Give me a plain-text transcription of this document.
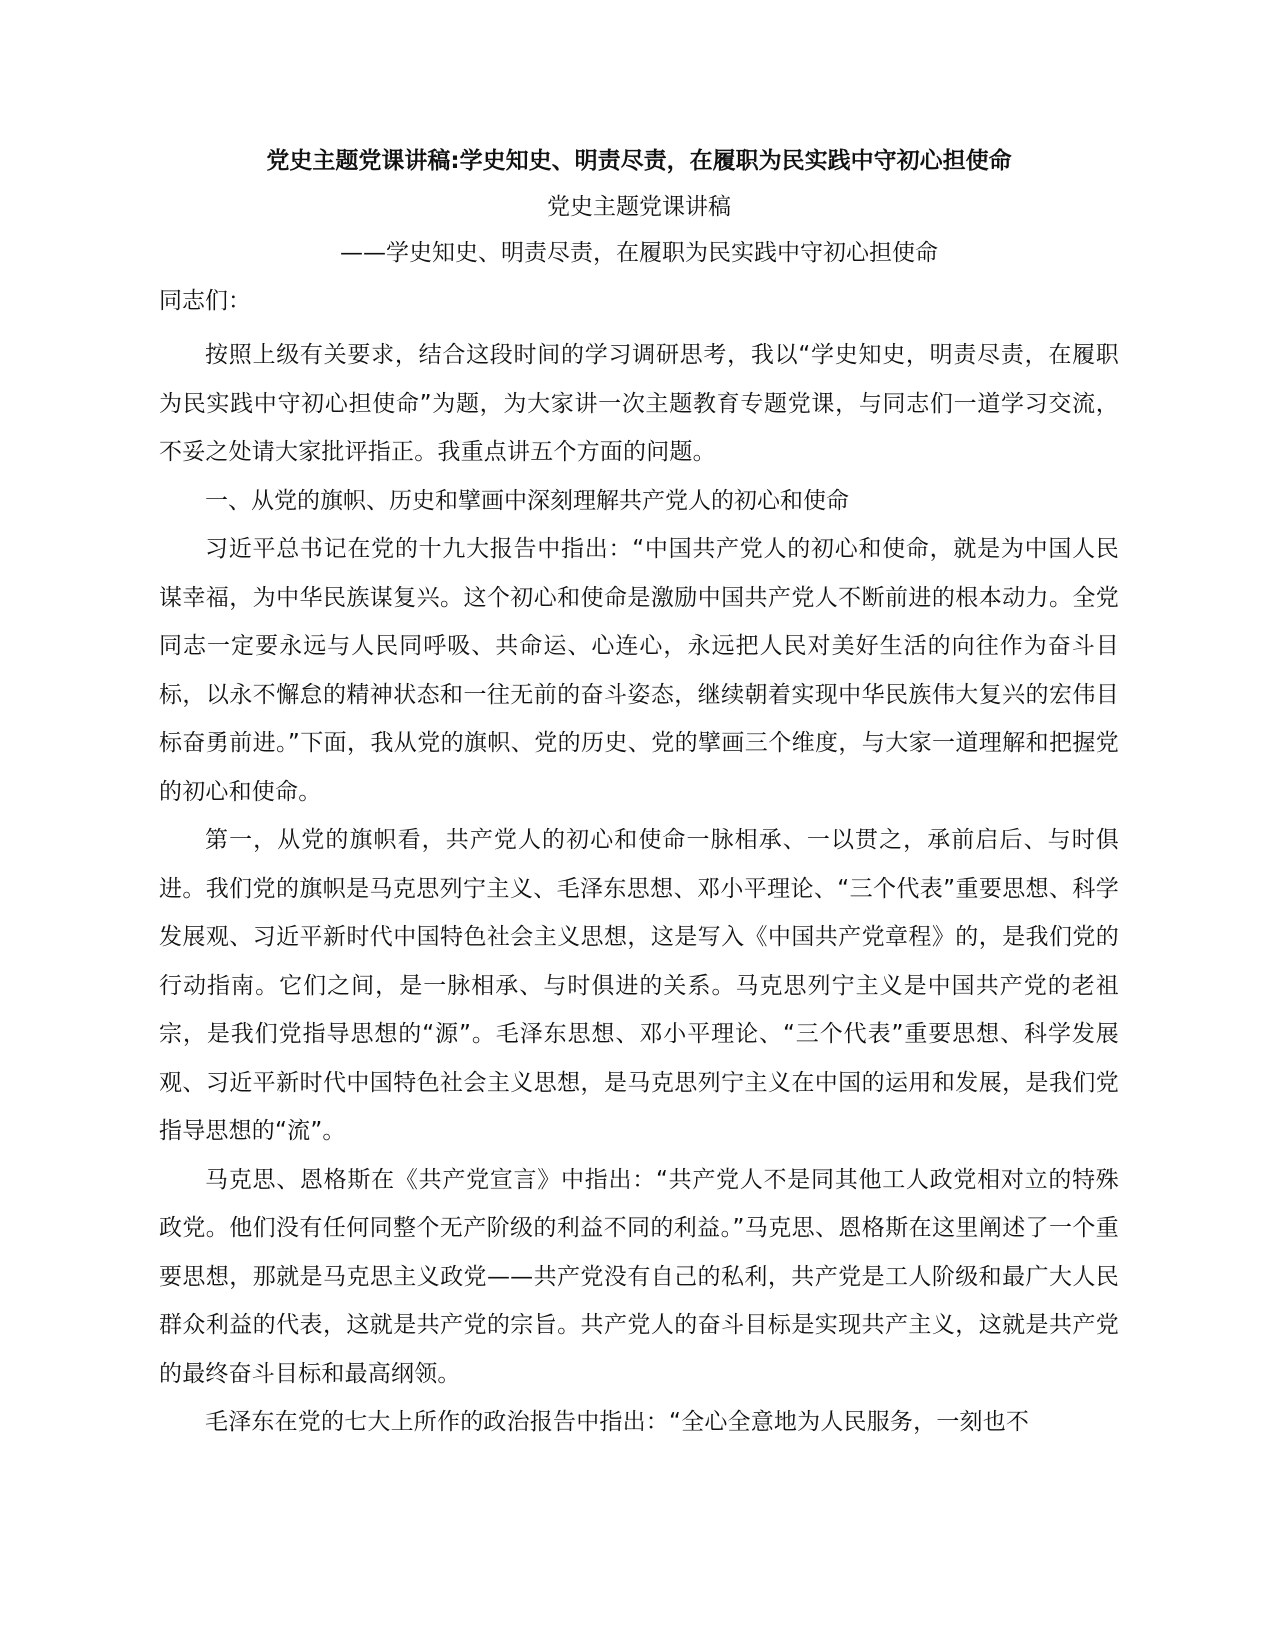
党史主题党课讲稿:学史知史、明责尽责，在履职为民实践中守初心担使命
党史主题党课讲稿
——学史知史、明责尽责，在履职为民实践中守初心担使命
同志们：

按照上级有关要求，结合这段时间的学习调研思考，我以“学史知史，明责尽责，在履职为民实践中守初心担使命”为题，为大家讲一次主题教育专题党课，与同志们一道学习交流，不妥之处请大家批评指正。我重点讲五个方面的问题。

一、从党的旗帜、历史和擘画中深刻理解共产党人的初心和使命

习近平总书记在党的十九大报告中指出：“中国共产党人的初心和使命，就是为中国人民谋幸福，为中华民族谋复兴。这个初心和使命是激励中国共产党人不断前进的根本动力。全党同志一定要永远与人民同呼吸、共命运、心连心，永远把人民对美好生活的向往作为奋斗目标，以永不懈怠的精神状态和一往无前的奋斗姿态，继续朝着实现中华民族伟大复兴的宏伟目标奋勇前进。”下面，我从党的旗帜、党的历史、党的擘画三个维度，与大家一道理解和把握党的初心和使命。

第一，从党的旗帜看，共产党人的初心和使命一脉相承、一以贯之，承前启后、与时俱进。我们党的旗帜是马克思列宁主义、毛泽东思想、邓小平理论、“三个代表”重要思想、科学发展观、习近平新时代中国特色社会主义思想，这是写入《中国共产党章程》的，是我们党的行动指南。它们之间，是一脉相承、与时俱进的关系。马克思列宁主义是中国共产党的老祖宗，是我们党指导思想的“源”。毛泽东思想、邓小平理论、“三个代表”重要思想、科学发展观、习近平新时代中国特色社会主义思想，是马克思列宁主义在中国的运用和发展，是我们党指导思想的“流”。

马克思、恩格斯在《共产党宣言》中指出：“共产党人不是同其他工人政党相对立的特殊政党。他们没有任何同整个无产阶级的利益不同的利益。”马克思、恩格斯在这里阐述了一个重要思想，那就是马克思主义政党——共产党没有自己的私利，共产党是工人阶级和最广大人民群众利益的代表，这就是共产党的宗旨。共产党人的奋斗目标是实现共产主义，这就是共产党的最终奋斗目标和最高纲领。

毛泽东在党的七大上所作的政治报告中指出：“全心全意地为人民服务，一刻也不
